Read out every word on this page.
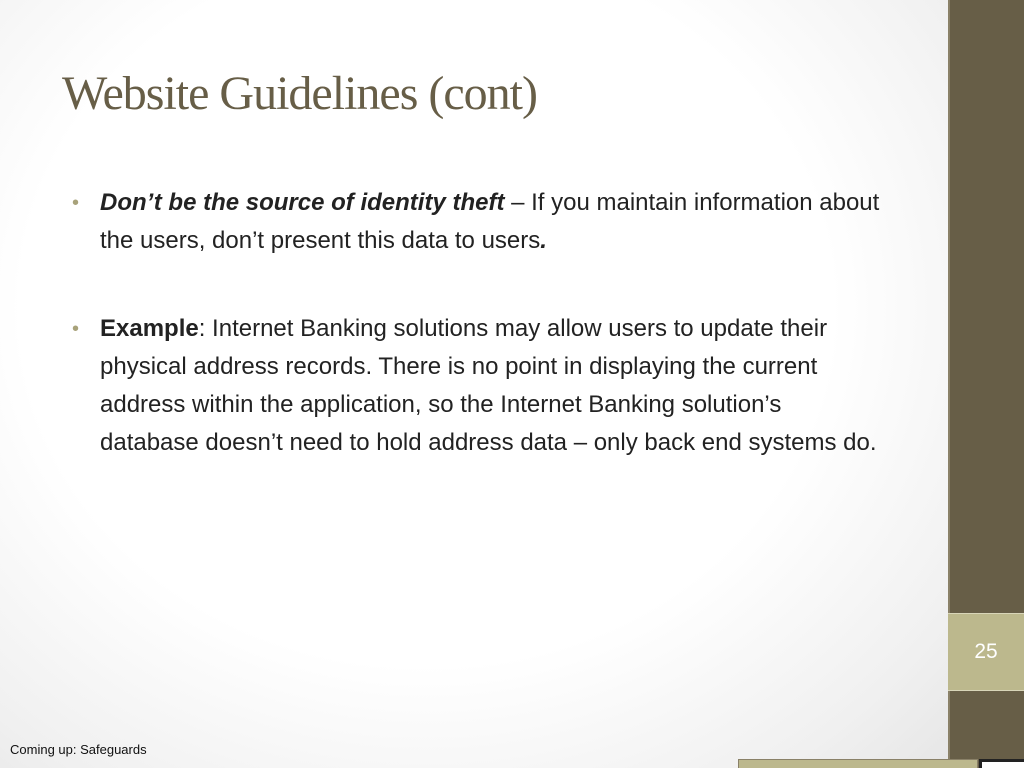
25
Website Guidelines (cont)
• Don’t be the source of identity theft – If you maintain information about the users, don’t present this data to users.
• Example: Internet Banking solutions may allow users to update their physical address records. There is no point in displaying the current address within the application, so the Internet Banking solution’s database doesn’t need to hold address data – only back end systems do.
Coming up: Safeguards
